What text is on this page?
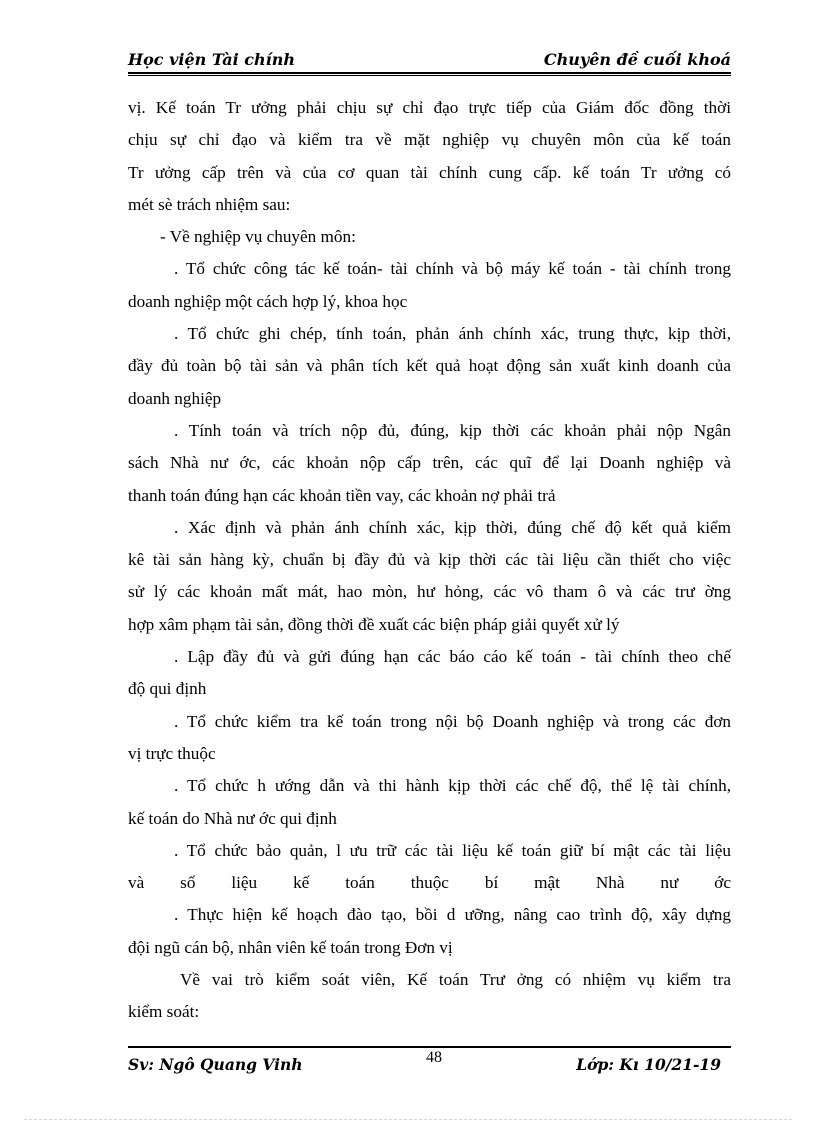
Học viện Tài chính	Chuyên đề cuối khoá

vị. Kế toán Tr ưởng phải chịu sự chỉ đạo trực tiếp của Giám đốc đồng thời

chịu sự chỉ đạo và kiểm tra về mặt nghiệp vụ chuyên môn của kế toán

Tr ưởng cấp trên và của cơ quan tài chính cung cấp. kế toán Tr ưởng có

mét sè trách nhiệm sau:

- Về nghiệp vụ chuyên môn:

. Tổ chức công tác kế toán- tài chính và bộ máy kế toán - tài chính trong

doanh nghiệp một cách hợp lý, khoa học

. Tổ chức ghi chép, tính toán, phản ánh chính xác, trung thực, kịp thời,

đầy đủ toàn bộ tài sản và phân tích kết quả hoạt động sản xuất kinh doanh của

doanh nghiệp

. Tính toán và trích nộp đủ, đúng, kịp thời các khoản phải nộp Ngân

sách Nhà nư ớc, các khoản nộp cấp trên, các quĩ để lại Doanh nghiệp và

thanh toán đúng hạn các khoản tiền vay, các khoản nợ phải trả

. Xác định và phản ánh chính xác, kịp thời, đúng chế độ kết quả kiểm

kê tài sản hàng kỳ, chuẩn bị đầy đủ và kịp thời các tài liệu cần thiết cho việc

sử lý các khoản mất mát, hao mòn, hư hỏng, các vô tham ô và các trư ờng

hợp xâm phạm tài sản, đồng thời đề xuất các biện pháp giải quyết xử lý

. Lập đầy đủ và gửi đúng hạn các báo cáo kế toán - tài chính theo chế

độ qui định

. Tổ chức kiểm tra kế toán trong nội bộ Doanh nghiệp và trong các đơn

vị trực thuộc

. Tổ chức h ướng dẫn và thi hành kịp thời các chế độ, thể lệ tài chính,

kế toán do Nhà nư ớc qui định

. Tổ chức bảo quản, l ưu trữ các tài liệu kế toán giữ bí mật các tài liệu

và số liệu kế toán thuộc bí mật Nhà nư ớc

. Thực hiện kế hoạch đào tạo, bồi d ưỡng, nâng cao trình độ, xây dựng

đội ngũ cán bộ, nhân viên kế toán trong Đơn vị

Về vai trò kiểm soát viên, Kế toán Trư ởng có nhiệm vụ kiểm tra

kiểm soát:

48
Sv: Ngô Quang Vinh	Lớp: Kı 10/21-19
